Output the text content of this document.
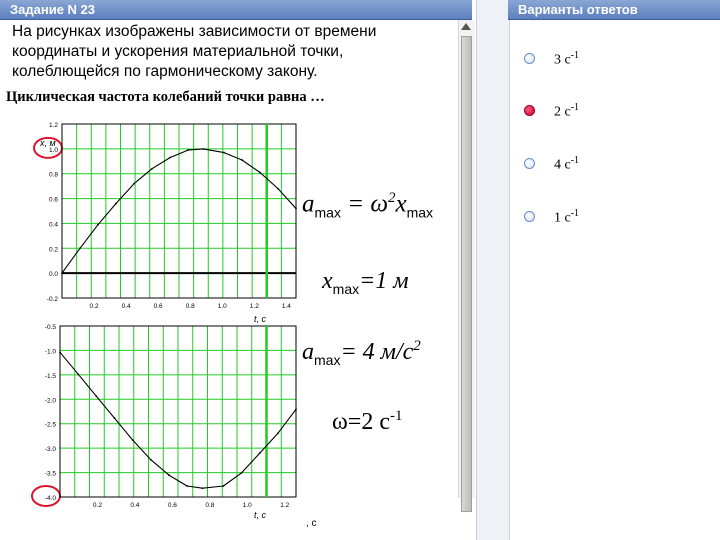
Задание N 23	Варианты ответов
На рисунках изображены зависимости от времени координаты и ускорения материальной точки, колеблющейся по гармоническому закону.
Циклическая частота колебаний точки равна …
1.2
1.0
0.8
0.6
0.4
0.2
0.0
-0.2
0.2	0.4	0.6	0.8	1.0	1.2	1.4
t, с
x, м
-0.5
-1.0
-1.5
-2.0
-2.5
-3.0
-3.5
-4.0
0.2	0.4	0.6	0.8	1.0	1.2
t, с
$a_{max} = \omega^2x_{max}$
$x_{max}=1$ м
$a_{max}= 4$ $м/с^2$
ω=2 $с^{-1}$
, с
3 $с^{-1}$
2 $с^{-1}$
4 $с^{-1}$
1 $с^{-1}$
